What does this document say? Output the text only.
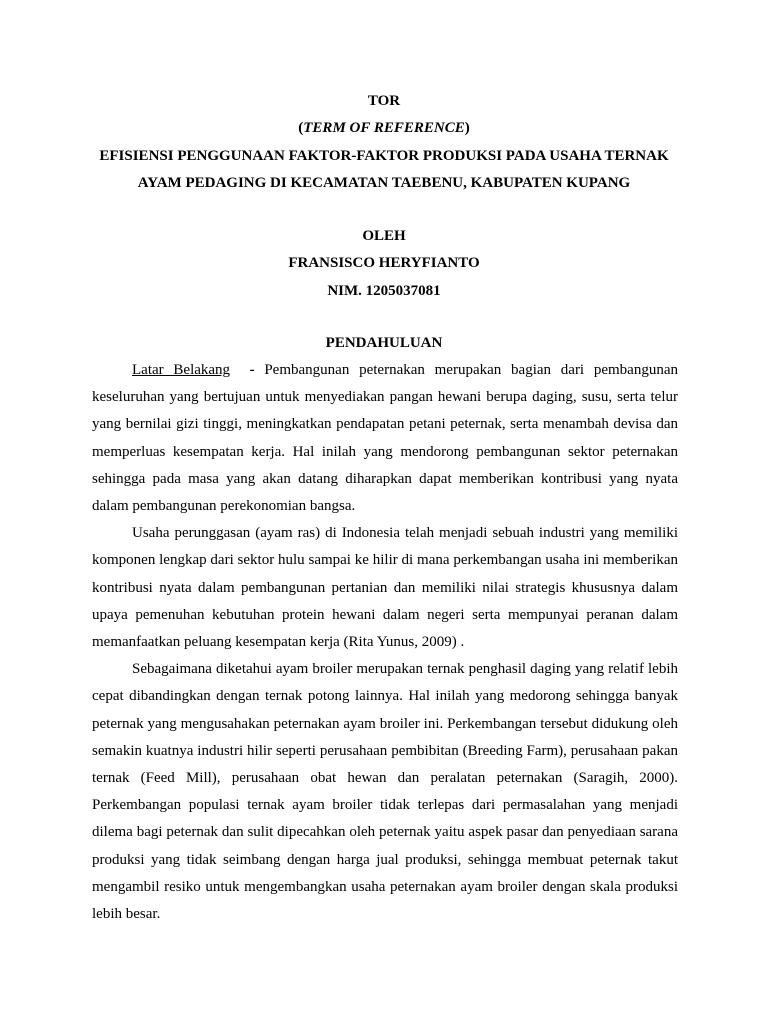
TOR
(TERM OF REFERENCE)
EFISIENSI PENGGUNAAN FAKTOR-FAKTOR PRODUKSI PADA USAHA TERNAK
AYAM PEDAGING DI KECAMATAN TAEBENU, KABUPATEN KUPANG
OLEH
FRANSISCO HERYFIANTO
NIM. 1205037081
PENDAHULUAN

Latar Belakang - Pembangunan peternakan merupakan bagian dari pembangunan keseluruhan yang bertujuan untuk menyediakan pangan hewani berupa daging, susu, serta telur yang bernilai gizi tinggi, meningkatkan pendapatan petani peternak, serta menambah devisa dan memperluas kesempatan kerja. Hal inilah yang mendorong pembangunan sektor peternakan sehingga pada masa yang akan datang diharapkan dapat memberikan kontribusi yang nyata dalam pembangunan perekonomian bangsa.

Usaha perunggasan (ayam ras) di Indonesia telah menjadi sebuah industri yang memiliki komponen lengkap dari sektor hulu sampai ke hilir di mana perkembangan usaha ini memberikan kontribusi nyata dalam pembangunan pertanian dan memiliki nilai strategis khususnya dalam upaya pemenuhan kebutuhan protein hewani dalam negeri serta mempunyai peranan dalam memanfaatkan peluang kesempatan kerja (Rita Yunus, 2009) .

Sebagaimana diketahui ayam broiler merupakan ternak penghasil daging yang relatif lebih cepat dibandingkan dengan ternak potong lainnya. Hal inilah yang medorong sehingga banyak peternak yang mengusahakan peternakan ayam broiler ini. Perkembangan tersebut didukung oleh semakin kuatnya industri hilir seperti perusahaan pembibitan (Breeding Farm), perusahaan pakan ternak (Feed Mill), perusahaan obat hewan dan peralatan peternakan (Saragih, 2000). Perkembangan populasi ternak ayam broiler tidak terlepas dari permasalahan yang menjadi dilema bagi peternak dan sulit dipecahkan oleh peternak yaitu aspek pasar dan penyediaan sarana produksi yang tidak seimbang dengan harga jual produksi, sehingga membuat peternak takut mengambil resiko untuk mengembangkan usaha peternakan ayam broiler dengan skala produksi lebih besar.
